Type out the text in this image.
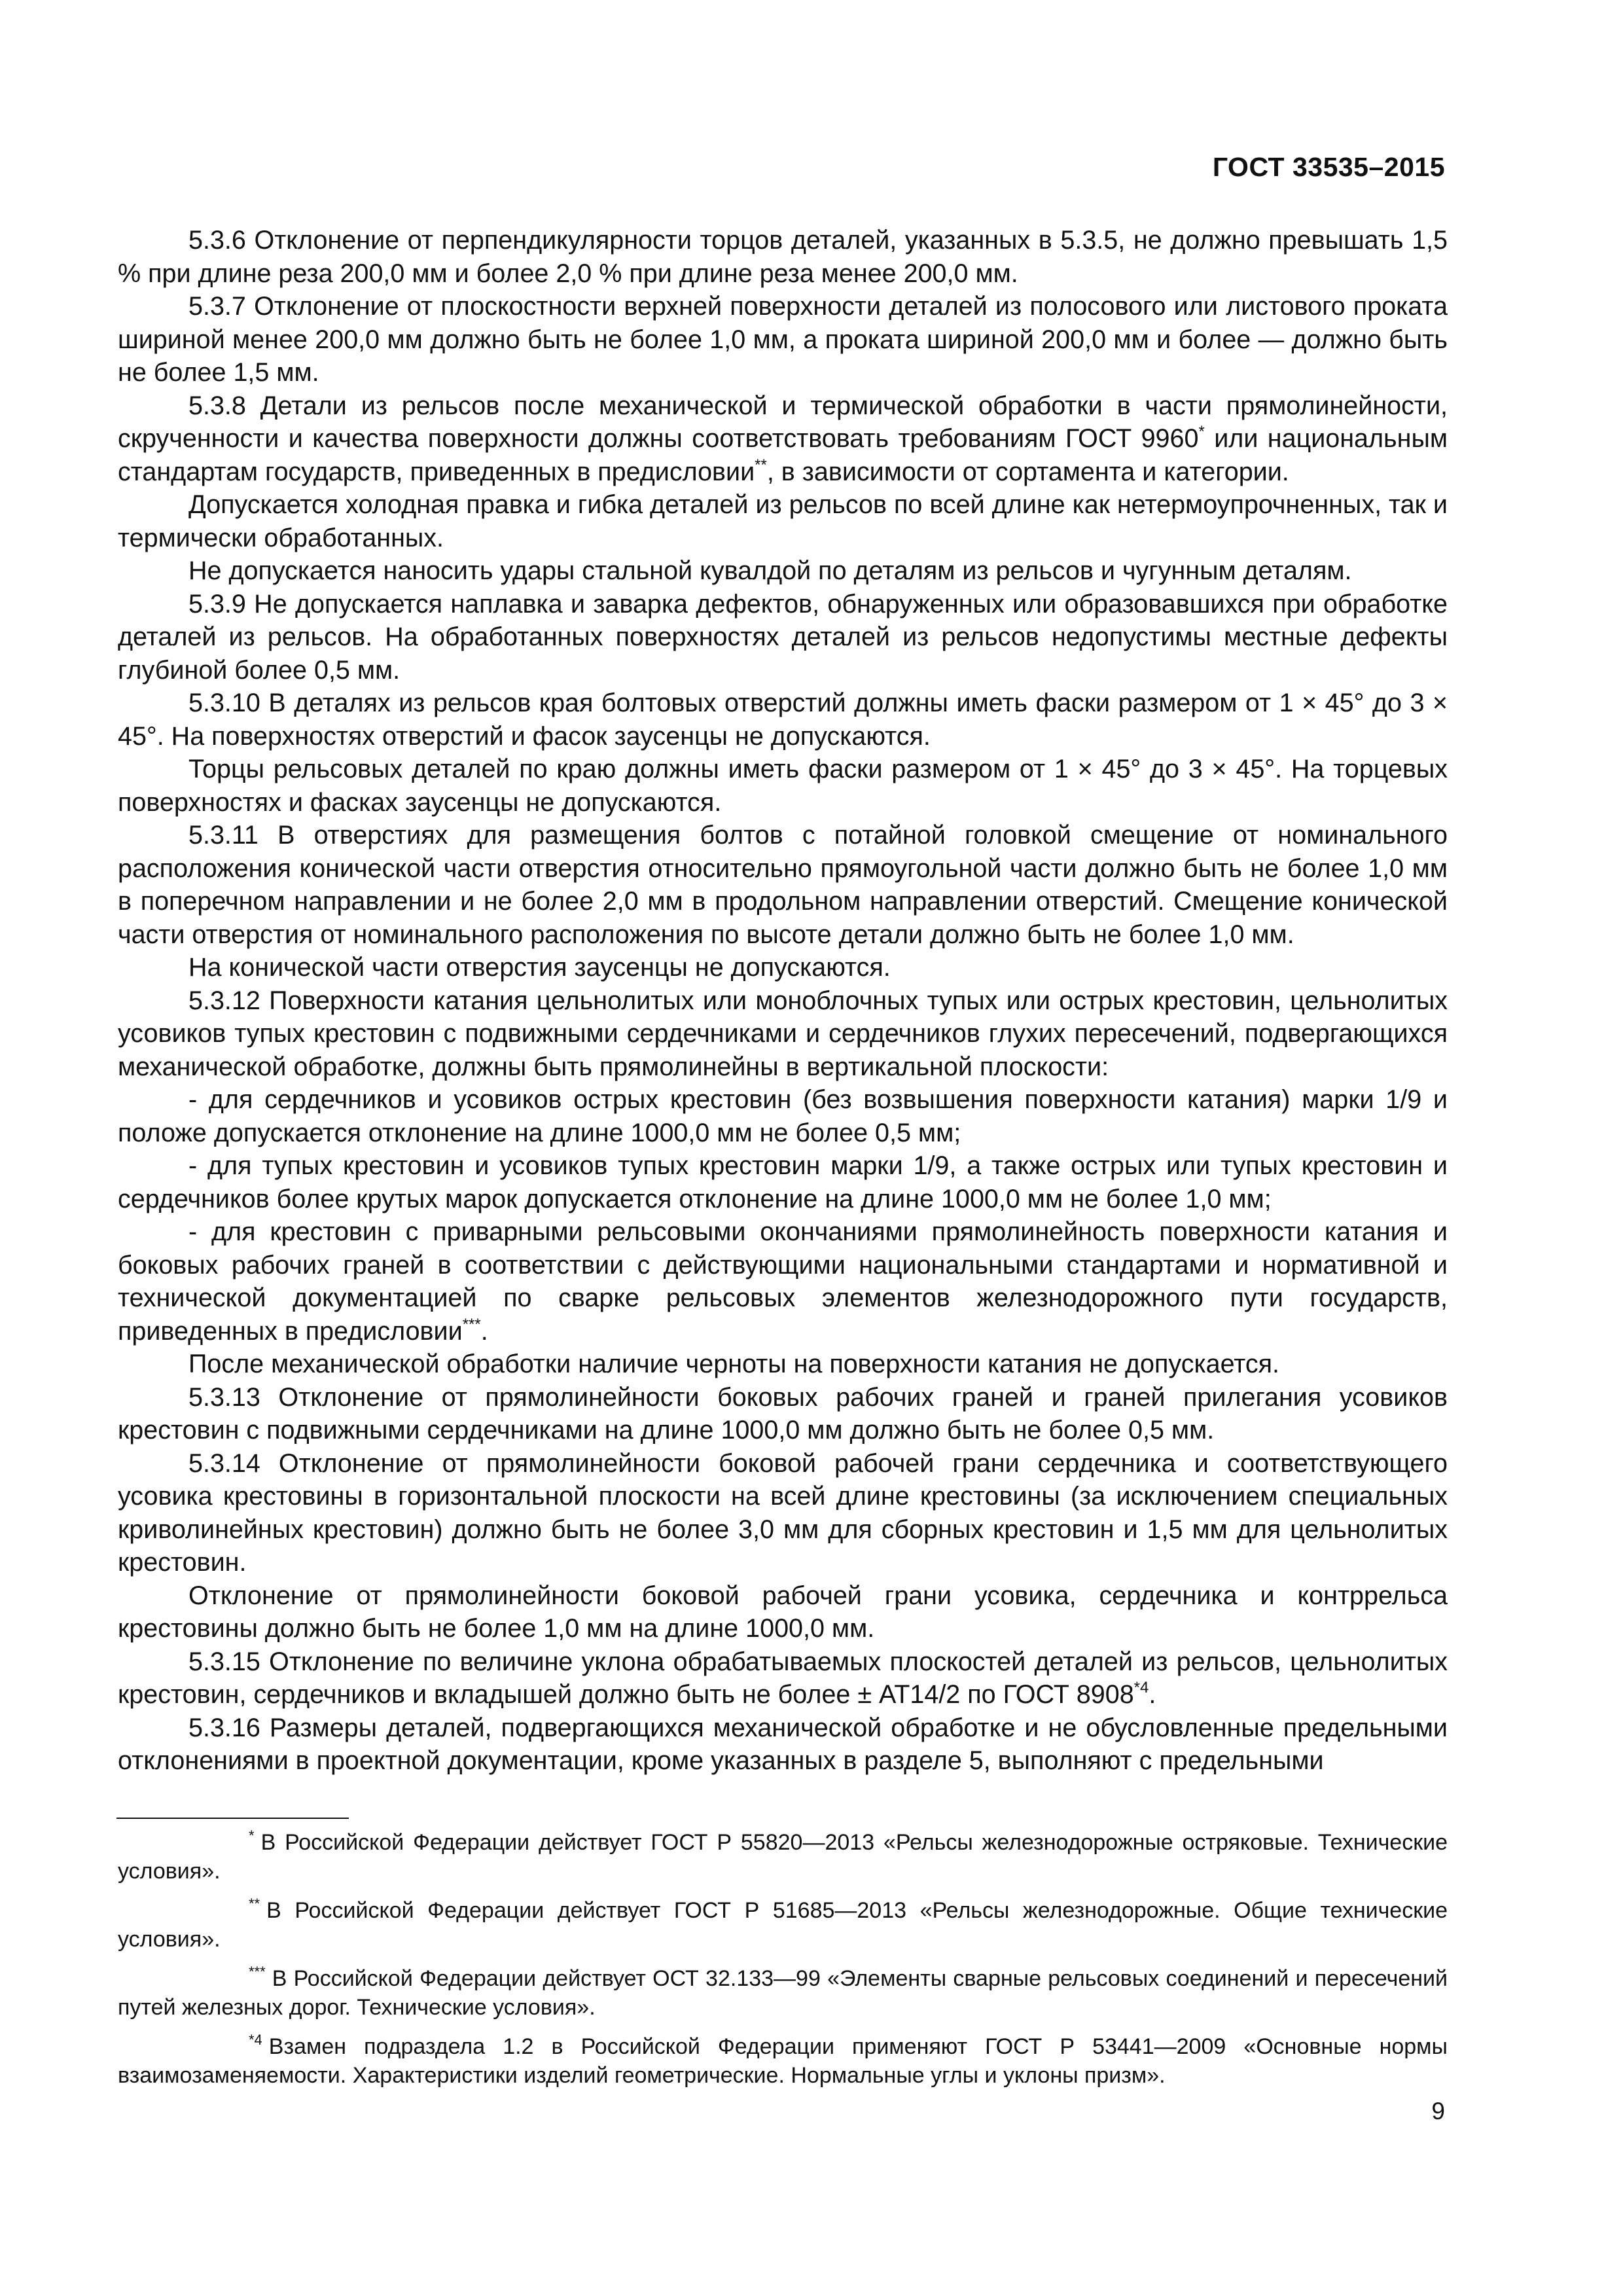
ГОСТ 33535–2015

5.3.6 Отклонение от перпендикулярности торцов деталей, указанных в 5.3.5, не должно превышать 1,5 % при длине реза 200,0 мм и более 2,0 % при длине реза менее 200,0 мм.

5.3.7 Отклонение от плоскостности верхней поверхности деталей из полосового или листового проката шириной менее 200,0 мм должно быть не более 1,0 мм, а проката шириной 200,0 мм и более — должно быть не более 1,5 мм.

5.3.8 Детали из рельсов после механической и термической обработки в части прямолинейности, скрученности и качества поверхности должны соответствовать требованиям ГОСТ 9960* или национальным стандартам государств, приведенных в предисловии**, в зависимости от сортамента и категории.

Допускается холодная правка и гибка деталей из рельсов по всей длине как нетермоупрочненных, так и термически обработанных.

Не допускается наносить удары стальной кувалдой по деталям из рельсов и чугунным деталям.

5.3.9 Не допускается наплавка и заварка дефектов, обнаруженных или образовавшихся при обработке деталей из рельсов. На обработанных поверхностях деталей из рельсов недопустимы местные дефекты глубиной более 0,5 мм.

5.3.10 В деталях из рельсов края болтовых отверстий должны иметь фаски размером от 1 × 45° до 3 × 45°. На поверхностях отверстий и фасок заусенцы не допускаются.

Торцы рельсовых деталей по краю должны иметь фаски размером от 1 × 45° до 3 × 45°. На торцевых поверхностях и фасках заусенцы не допускаются.

5.3.11 В отверстиях для размещения болтов с потайной головкой смещение от номинального расположения конической части отверстия относительно прямоугольной части должно быть не более 1,0 мм в поперечном направлении и не более 2,0 мм в продольном направлении отверстий. Смещение конической части отверстия от номинального расположения по высоте детали должно быть не более 1,0 мм.

На конической части отверстия заусенцы не допускаются.

5.3.12 Поверхности катания цельнолитых или моноблочных тупых или острых крестовин, цельнолитых усовиков тупых крестовин с подвижными сердечниками и сердечников глухих пересечений, подвергающихся механической обработке, должны быть прямолинейны в вертикальной плоскости:

- для сердечников и усовиков острых крестовин (без возвышения поверхности катания) марки 1/9 и положе допускается отклонение на длине 1000,0 мм не более 0,5 мм;

- для тупых крестовин и усовиков тупых крестовин марки 1/9, а также острых или тупых крестовин и сердечников более крутых марок допускается отклонение на длине 1000,0 мм не более 1,0 мм;

- для крестовин с приварными рельсовыми окончаниями прямолинейность поверхности катания и боковых рабочих граней в соответствии с действующими национальными стандартами и нормативной и технической документацией по сварке рельсовых элементов железнодорожного пути государств, приведенных в предисловии***.

После механической обработки наличие черноты на поверхности катания не допускается.

5.3.13 Отклонение от прямолинейности боковых рабочих граней и граней прилегания усовиков крестовин с подвижными сердечниками на длине 1000,0 мм должно быть не более 0,5 мм.

5.3.14 Отклонение от прямолинейности боковой рабочей грани сердечника и соответствующего усовика крестовины в горизонтальной плоскости на всей длине крестовины (за исключением специальных криволинейных крестовин) должно быть не более 3,0 мм для сборных крестовин и 1,5 мм для цельнолитых крестовин.

Отклонение от прямолинейности боковой рабочей грани усовика, сердечника и контррельса крестовины должно быть не более 1,0 мм на длине 1000,0 мм.

5.3.15 Отклонение по величине уклона обрабатываемых плоскостей деталей из рельсов, цельнолитых крестовин, сердечников и вкладышей должно быть не более ± АТ14/2 по ГОСТ 8908$^{*4}$.

5.3.16 Размеры деталей, подвергающихся механической обработке и не обусловленные предельными отклонениями в проектной документации, кроме указанных в разделе 5, выполняют с предельными

* В Российской Федерации действует ГОСТ Р 55820—2013 «Рельсы железнодорожные остряковые. Технические условия».

** В Российской Федерации действует ГОСТ Р 51685—2013 «Рельсы железнодорожные. Общие технические условия».

*** В Российской Федерации действует ОСТ 32.133—99 «Элементы сварные рельсовых соединений и пересечений путей железных дорог. Технические условия».

*4 Взамен подраздела 1.2 в Российской Федерации применяют ГОСТ Р 53441—2009 «Основные нормы взаимозаменяемости. Характеристики изделий геометрические. Нормальные углы и уклоны призм».

9
